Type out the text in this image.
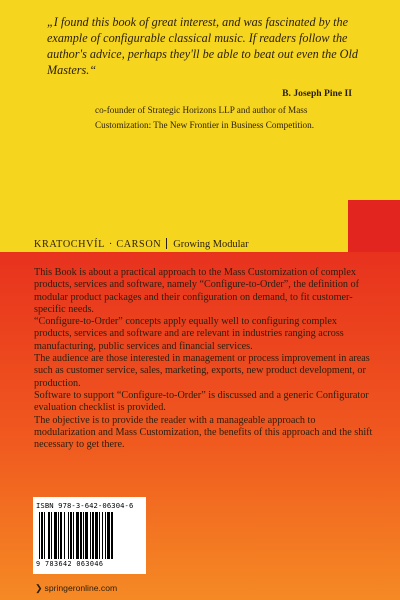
„I found this book of great interest, and was fascinated by the example of configurable classical music. If readers follow the author's advice, perhaps they'll be able to beat out even the Old Masters.“

B. Joseph Pine II

co-founder of Strategic Horizons LLP and author of Mass Customization: The New Frontier in Business Competition.

KRATOCHVÍL · CARSON Growing Modular
This Book is about a practical approach to the Mass Customization of complex products, services and software, namely “Configure-to-Order”, the definition of modular product packages and their configuration on demand, to fit customer-specific needs.
“Configure-to-Order” concepts apply equally well to configuring complex products, services and software and are relevant in industries ranging across manufacturing, public services and financial services.
The audience are those interested in management or process improvement in areas such as customer service, sales, marketing, exports, new product development, or production.
Software to support “Configure-to-Order” is discussed and a generic Configurator evaluation checklist is provided.
The objective is to provide the reader with a manageable approach to modularization and Mass Customization, the benefits of this approach and the shift necessary to get there.
ISBN 978-3-642-06304-6
9 783642 063046
❯ springeronline.com
